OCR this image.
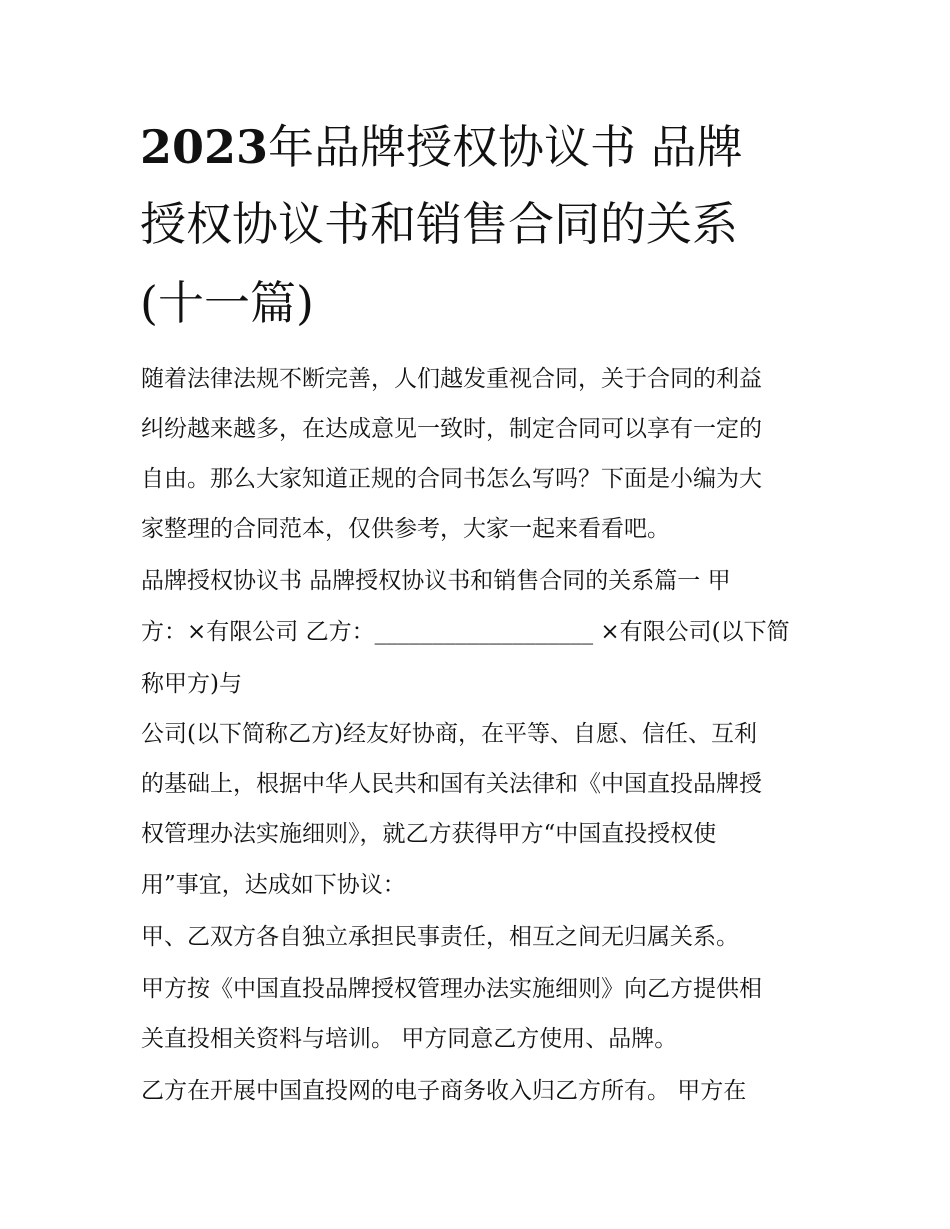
2023年品牌授权协议书 品牌
授权协议书和销售合同的关系
(十一篇)
随着法律法规不断完善，人们越发重视合同，关于合同的利益
纠纷越来越多，在达成意见一致时，制定合同可以享有一定的
自由。那么大家知道正规的合同书怎么写吗？下面是小编为大
家整理的合同范本，仅供参考，大家一起来看看吧。
品牌授权协议书 品牌授权协议书和销售合同的关系篇一 甲
方：×有限公司 乙方：___________________ ×有限公司(以下简
称甲方)与
公司(以下简称乙方)经友好协商，在平等、自愿、信任、互利
的基础上，根据中华人民共和国有关法律和《中国直投品牌授
权管理办法实施细则》，就乙方获得甲方“中国直投授权使
用”事宜，达成如下协议：
甲、乙双方各自独立承担民事责任，相互之间无归属关系。
甲方按《中国直投品牌授权管理办法实施细则》向乙方提供相
关直投相关资料与培训。 甲方同意乙方使用、品牌。
乙方在开展中国直投网的电子商务收入归乙方所有。 甲方在
